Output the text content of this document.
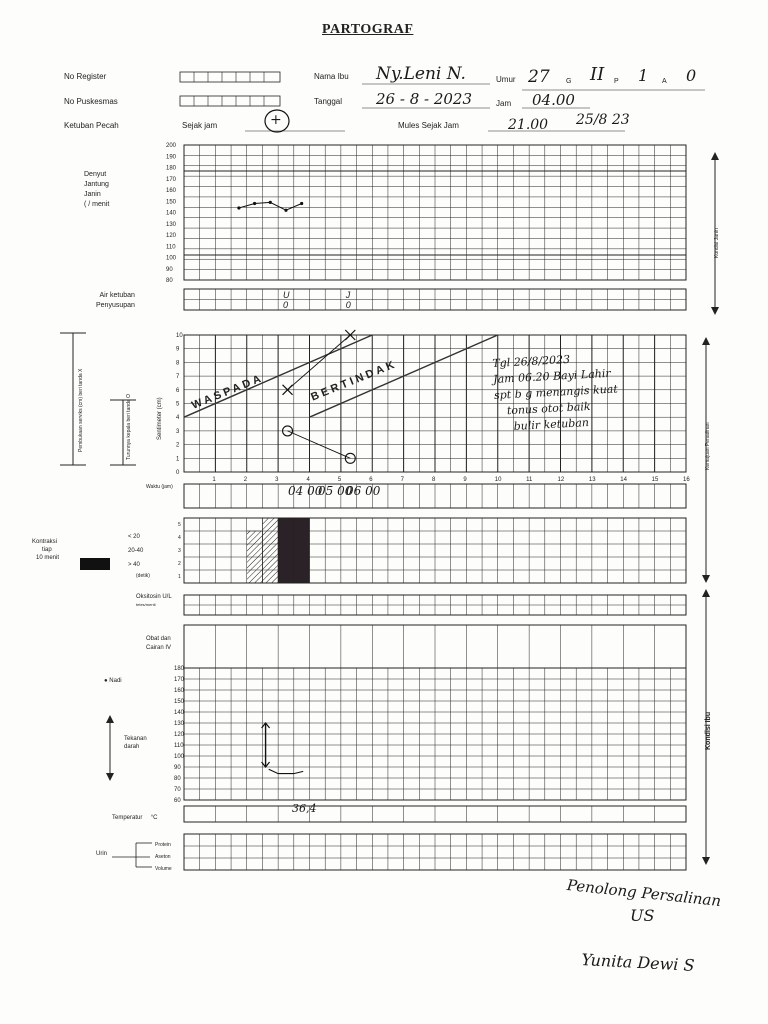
PARTOGRAF
No Register
No Puskesmas
Ketuban Pecah	Sejak jam	+
Nama Ibu Ny.Leni N.
Tanggal 26 - 8 - 2023
Mules Sejak Jam	21.00 25/8 23
Umur 27 G II P 1 A 0
Jam 04.00
Denyut
Jantung
Janin
( / menit
Air ketuban
Penyusupan
Kontraksi
tiap
10 menit
< 20
20-40
> 40
(detik)
Oksitosin U/L
tetes/menit
Obat dan
Cairan IV
● Nadi
Tekanan
darah
Temperatur °C
Urin
Protein
Aseton
Volume
200
190
180
170
160
150
140
130
120
110
100
90
80
Kondisi Janin
U
0
J
0
10
9
8
7
6
5
4
3
2
1
0
1	2	3	4	5	6	7	8	9	10	11	12	13	14	15	16
WASPADA	BERTINDAK
Sentimeter (cm)
Pembukaan serviks (cm) beri tanda X	Turunnya kepala beri tanda O
Waktu (jam)
Kemajuan Persalinan
5
4
3
2
1
180
170
160
150
140
130
120
110
100
90
80
70
60
Kondisi Ibu
Tgl 26/8/2023
Jam 06.20 Bayi Lahir
spt b g menangis kuat
tonus otot baik
bulir ketuban
04 00
05 00
06 00
36,4
Penolong Persalinan
US
Yunita Dewi S
